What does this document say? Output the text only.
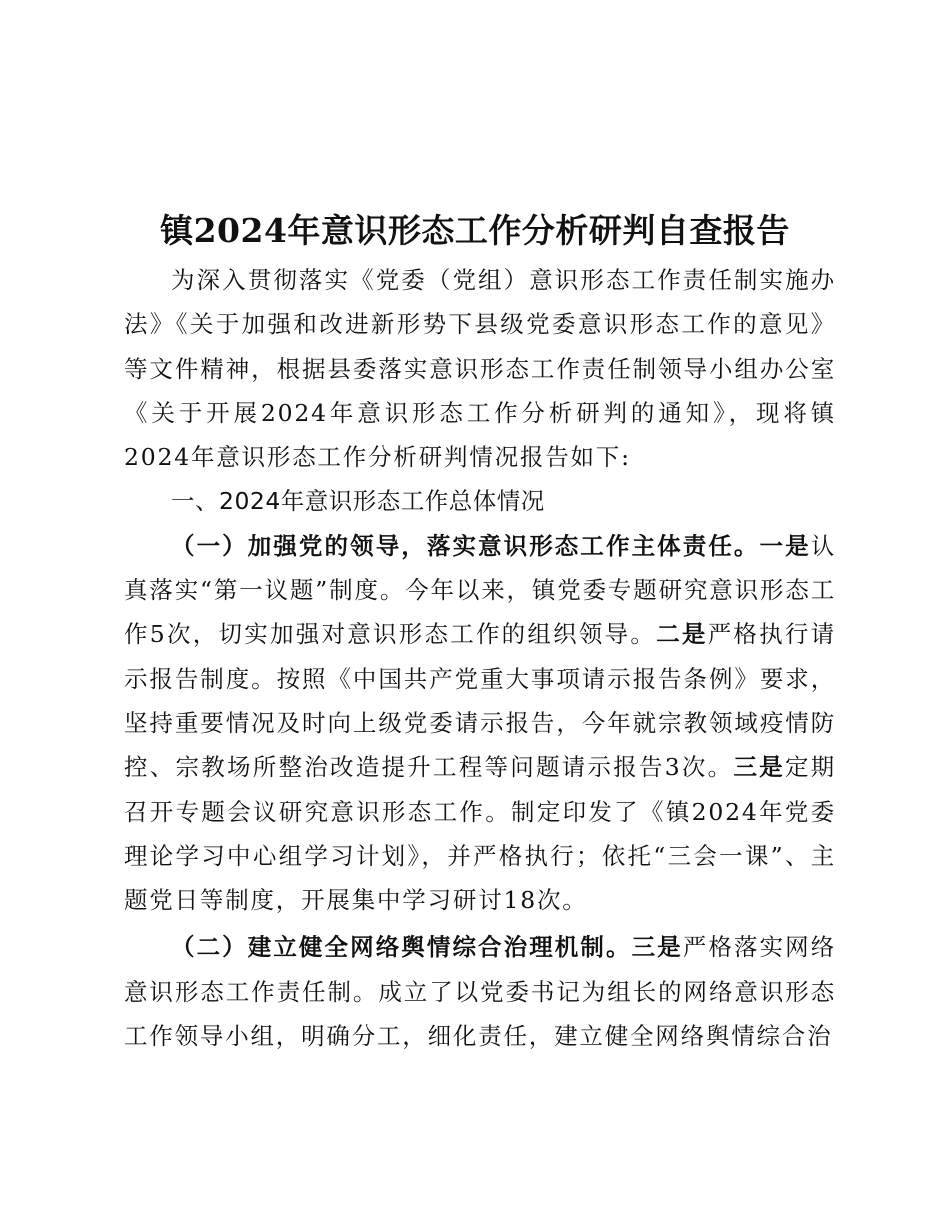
镇2024年意识形态工作分析研判自查报告

为深入贯彻落实《党委（党组）意识形态工作责任制实施办法》《关于加强和改进新形势下县级党委意识形态工作的意见》等文件精神，根据县委落实意识形态工作责任制领导小组办公室《关于开展2024年意识形态工作分析研判的通知》，现将镇2024年意识形态工作分析研判情况报告如下:

一、2024年意识形态工作总体情况

（一）加强党的领导，落实意识形态工作主体责任。一是认真落实“第一议题”制度。今年以来，镇党委专题研究意识形态工作5次，切实加强对意识形态工作的组织领导。二是严格执行请示报告制度。按照《中国共产党重大事项请示报告条例》要求，坚持重要情况及时向上级党委请示报告，今年就宗教领域疫情防控、宗教场所整治改造提升工程等问题请示报告3次。三是定期召开专题会议研究意识形态工作。制定印发了《镇2024年党委理论学习中心组学习计划》，并严格执行；依托“三会一课”、主题党日等制度，开展集中学习研讨18次。

（二）建立健全网络舆情综合治理机制。三是严格落实网络意识形态工作责任制。成立了以党委书记为组长的网络意识形态工作领导小组，明确分工，细化责任，建立健全网络舆情综合治
